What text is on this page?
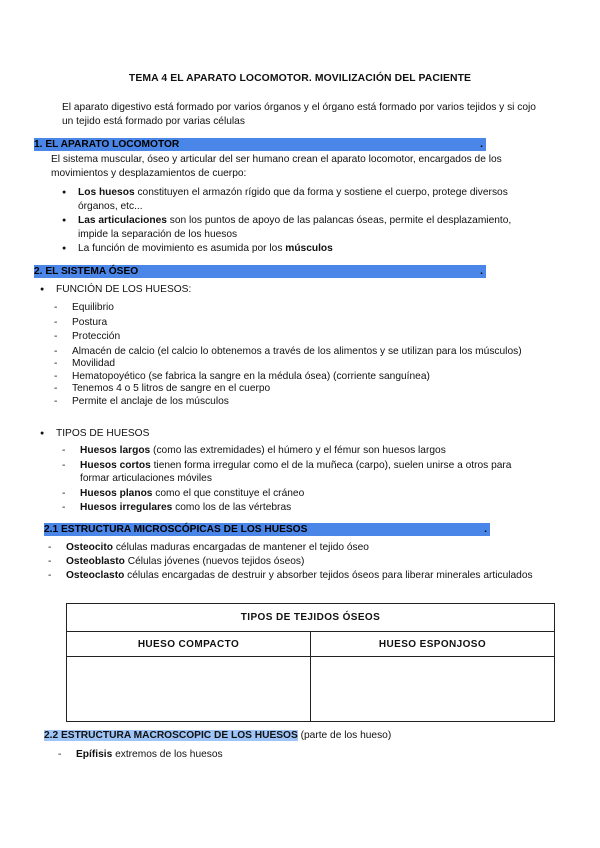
TEMA 4 EL APARATO LOCOMOTOR. MOVILIZACIÓN DEL PACIENTE
El aparato digestivo está formado por varios órganos y el órgano está formado por varios tejidos y si cojo un tejido está formado por varias células
1. EL APARATO LOCOMOTOR	.
El sistema muscular, óseo y articular del ser humano crean el aparato locomotor, encargados de los movimientos y desplazamientos de cuerpo:
● Los huesos constituyen el armazón rígido que da forma y sostiene el cuerpo, protege diversos órganos, etc...
● Las articulaciones son los puntos de apoyo de las palancas óseas, permite el desplazamiento, impide la separación de los huesos
● La función de movimiento es asumida por los músculos
2. EL SISTEMA ÓSEO	.
● FUNCIÓN DE LOS HUESOS:
- Equilibrio
- Postura
- Protección
- Almacén de calcio (el calcio lo obtenemos a través de los alimentos y se utilizan para los músculos)
- Movilidad
- Hematopoyético (se fabrica la sangre en la médula ósea) (corriente sanguínea)
- Tenemos 4 o 5 litros de sangre en el cuerpo
- Permite el anclaje de los músculos
● TIPOS DE HUESOS
- Huesos largos (como las extremidades) el húmero y el fémur son huesos largos
- Huesos cortos tienen forma irregular como el de la muñeca (carpo), suelen unirse a otros para formar articulaciones móviles
- Huesos planos como el que constituye el cráneo
- Huesos irregulares como los de las vértebras
2.1 ESTRUCTURA MICROSCÓPICAS DE LOS HUESOS	.
- Osteocito células maduras encargadas de mantener el tejido óseo
- Osteoblasto Células jóvenes (nuevos tejidos óseos)
- Osteoclasto células encargadas de destruir y absorber tejidos óseos para liberar minerales articulados
TIPOS DE TEJIDOS ÓSEOS	
HUESO COMPACTO	HUESO ESPONJOSO

2.2 ESTRUCTURA MACROSCOPIC DE LOS HUESOS (parte de los hueso)
- Epífisis extremos de los huesos
